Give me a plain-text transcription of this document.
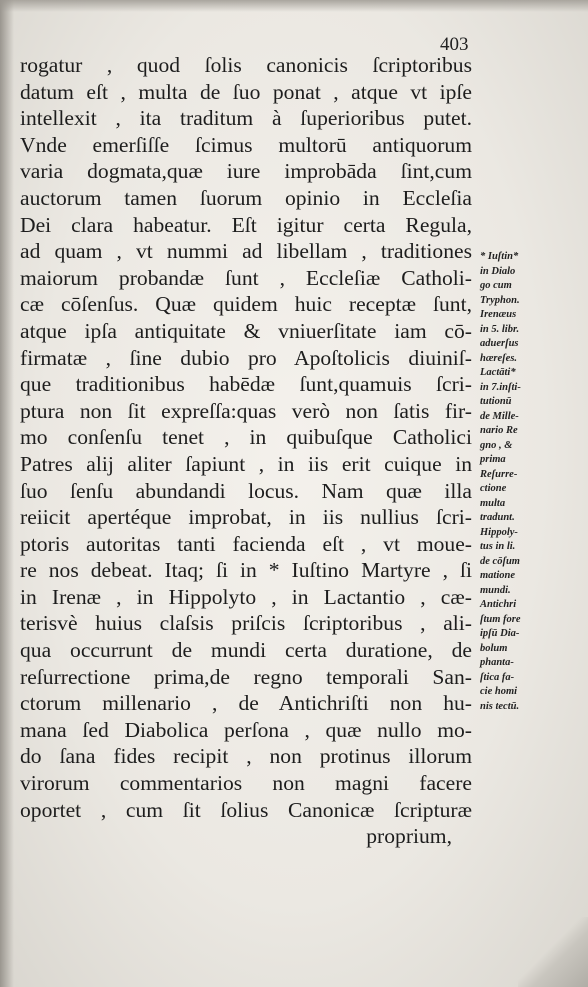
403
rogatur , quod ſolis canonicis ſcriptoribus
datum eſt , multa de ſuo ponat , atque vt ipſe
intellexit , ita traditum à ſuperioribus putet.
Vnde emerſiſſe ſcimus multorū antiquorum
varia dogmata,quæ iure improbāda ſint,cum
auctorum tamen ſuorum opinio in Eccleſia
Dei clara habeatur. Eſt igitur certa Regula,
ad quam , vt nummi ad libellam , traditiones
maiorum probandæ ſunt , Eccleſiæ Catholi-
cæ cōſenſus. Quæ quidem huic receptæ ſunt,
atque ipſa antiquitate & vniuerſitate iam cō-
firmatæ , ſine dubio pro Apoſtolicis diuiniſ-
que traditionibus habēdæ ſunt,quamuis ſcri-
ptura non ſit expreſſa:quas verò non ſatis fir-
mo conſenſu tenet , in quibuſque Catholici
Patres alij aliter ſapiunt , in iis erit cuique in
ſuo ſenſu abundandi locus. Nam quæ illa
reiicit apertéque improbat, in iis nullius ſcri-
ptoris autoritas tanti facienda eſt , vt moue-
re nos debeat. Itaq; ſi in * Iuſtino Martyre , ſi
in Irenæ , in Hippolyto , in Lactantio , cæ-
terisvè huius claſsis priſcis ſcriptoribus , ali-
qua occurrunt de mundi certa duratione, de
reſurrectione prima,de regno temporali San-
ctorum millenario , de Antichriſti non hu-
mana ſed Diabolica perſona , quæ nullo mo-
do ſana fides recipit , non protinus illorum
virorum commentarios non magni facere
oportet , cum ſit ſolius Canonicæ ſcripturæ
proprium,
* Iuſtin*
in Dialo
go cum
Tryphon.
Irenæus
in 5. libr.
aduerſus
hæreſes.
Lactāti*
in 7.inſti-
tutionū
de Mille-
nario Re
gno , &
prima
Reſurre-
ctione
multa
tradunt.
Hippoly-
tus in li.
de cōſum
matione
mundi.
Antichri
ſtum fore
ipſū Dia-
bolum
phanta-
ſtica fa-
cie homi
nis tectū.
